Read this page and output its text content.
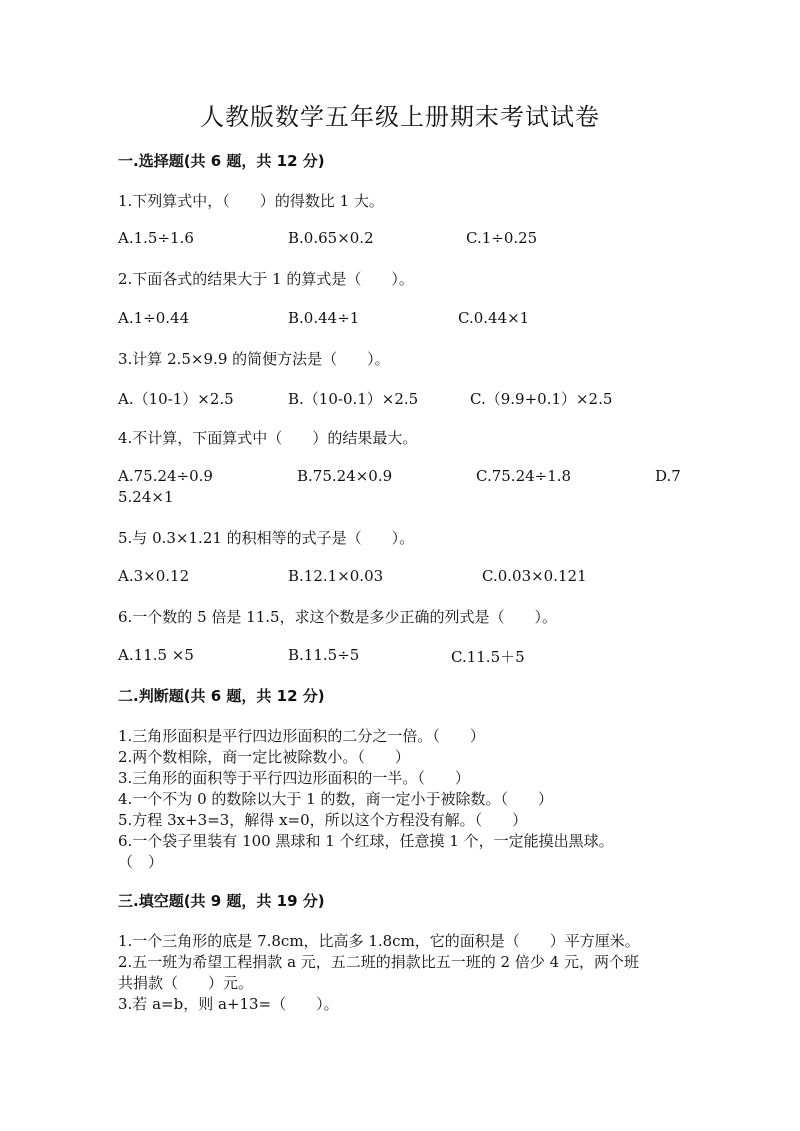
人教版数学五年级上册期末考试试卷
一.选择题(共 6 题，共 12 分)
1.下列算式中，（　　）的得数比 1 大。
A.1.5÷1.6	B.0.65×0.2	C.1÷0.25
2.下面各式的结果大于 1 的算式是（　　）。
A.1÷0.44	B.0.44÷1	C.0.44×1
3.计算 2.5×9.9 的简便方法是（　　）。
A.（10-1）×2.5	B.（10-0.1）×2.5	C.（9.9+0.1）×2.5
4.不计算，下面算式中（　　）的结果最大。
A.75.24÷0.9	B.75.24×0.9	C.75.24÷1.8	D.7
5.24×1
5.与 0.3×1.21 的积相等的式子是（　　）。
A.3×0.12	B.12.1×0.03	C.0.03×0.121
6.一个数的 5 倍是 11.5，求这个数是多少正确的列式是（　　）。
A.11.5 ×5	B.11.5÷5	C.11.5＋5
二.判断题(共 6 题，共 12 分)
1.三角形面积是平行四边形面积的二分之一倍。（　　）
2.两个数相除，商一定比被除数小。（　　）
3.三角形的面积等于平行四边形面积的一半。（　　）
4.一个不为 0 的数除以大于 1 的数，商一定小于被除数。（　　）
5.方程 3x+3=3，解得 x=0，所以这个方程没有解。（　　）
6.一个袋子里装有 100 黑球和 1 个红球，任意摸 1 个，一定能摸出黑球。
（　）
三.填空题(共 9 题，共 19 分)
1.一个三角形的底是 7.8cm，比高多 1.8cm，它的面积是（　　）平方厘米。
2.五一班为希望工程捐款 a 元，五二班的捐款比五一班的 2 倍少 4 元，两个班
共捐款（　　）元。
3.若 a=b，则 a+13=（　　）。
